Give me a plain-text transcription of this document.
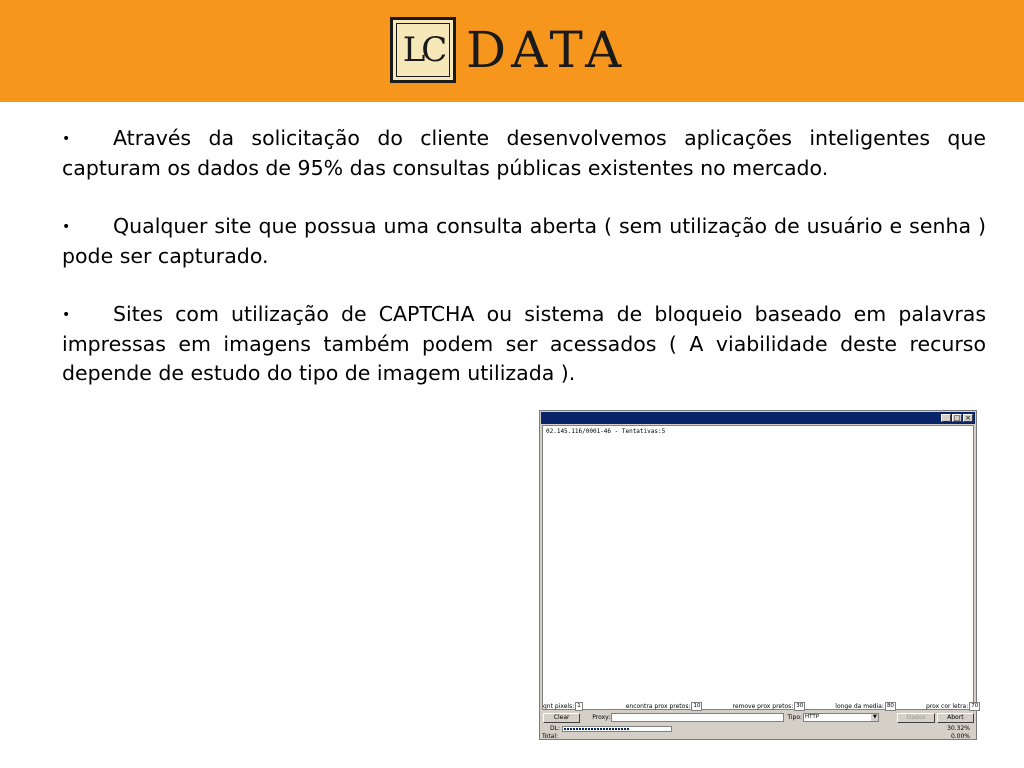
LC DATA

• Através da solicitação do cliente desenvolvemos aplicações inteligentes que capturam os dados de 95% das consultas públicas existentes no mercado.

• Qualquer site que possua uma consulta aberta ( sem utilização de usuário e senha ) pode ser capturado.

• Sites com utilização de CAPTCHA ou sistema de bloqueio baseado em palavras impressas em imagens também podem ser acessados ( A viabilidade deste recurso depende de estudo do tipo de imagem utilizada ).

_ □ ×
02.145.116/0001-46 - Tentativas:5
qnt pixels: 1	encontra prox pretos: 10	remove prox pretos: 30	longe da media: 80	prox cor letra: 70
Clear	Proxy:	Tipo: HTTP	▼	Dados	Abort
DL:	30.32%
Total:	0.00%
